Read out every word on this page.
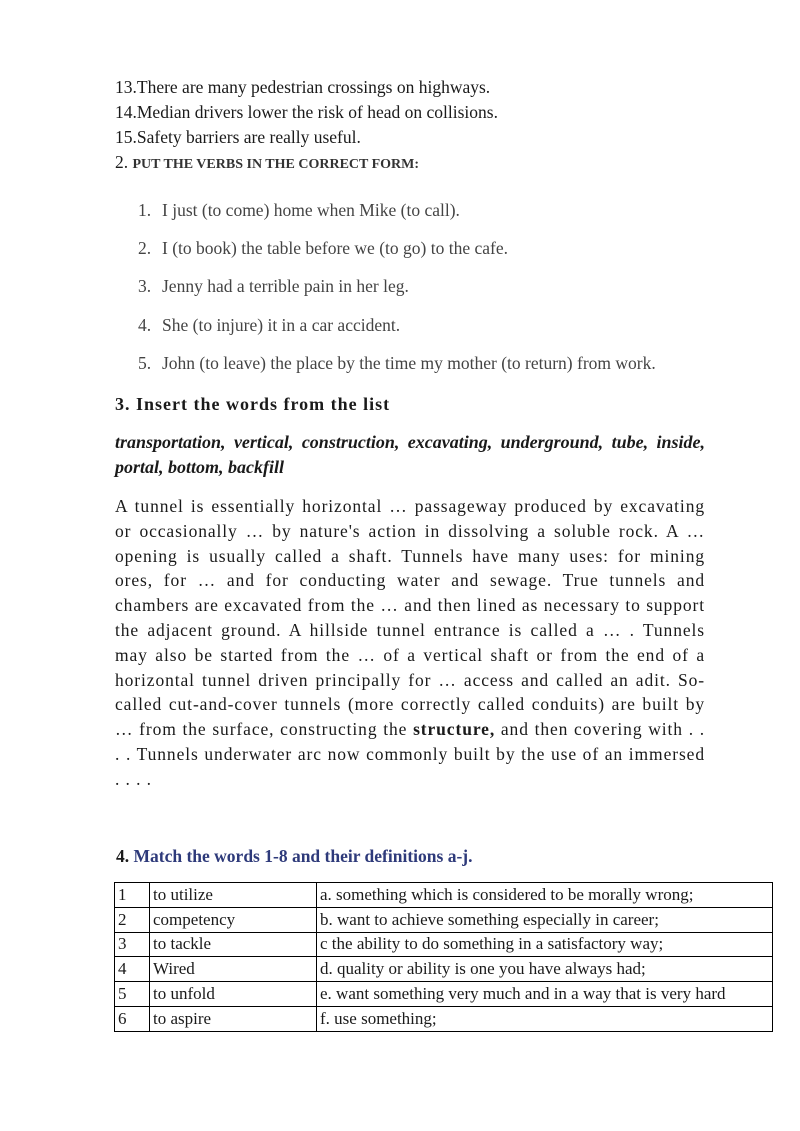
13.There are many pedestrian crossings on highways.
14.Median drivers lower the risk of head on collisions.
15.Safety barriers are really useful.
2. PUT THE VERBS IN THE CORRECT FORM:
1. I just (to come) home when Mike (to call).
2. I (to book) the table before we (to go) to the cafe.
3. Jenny had a terrible pain in her leg.
4. She (to injure) it in a car accident.
5. John (to leave) the place by the time my mother (to return) from work.
3. Insert the words from the list
transportation, vertical, construction, excavating, underground, tube, inside, portal, bottom, backfill
A tunnel is essentially horizontal … passageway produced by excavating or occasionally … by nature's action in dissolving a soluble rock. A … opening is usually called a shaft. Tunnels have many uses: for mining ores, for … and for conducting water and sewage. True tunnels and chambers are excavated from the … and then lined as necessary to support the adjacent ground. A hillside tunnel entrance is called a … . Tunnels may also be started from the … of a vertical shaft or from the end of a horizontal tunnel driven principally for … access and called an adit. So-called cut-and-cover tunnels (more correctly called conduits) are built by … from the surface, constructing the structure, and then covering with . . . . Tunnels underwater arc now commonly built by the use of an immersed . . . .
4. Match the words 1-8 and their definitions a-j.
1	to utilize	a. something which is considered to be morally wrong;
2	competency	b. want to achieve something especially in career;
3	to tackle	c the ability to do something in a satisfactory way;
4	Wired	d. quality or ability is one you have always had;
5	to unfold	e. want something very much and in a way that is very hard
6	to aspire	f. use something;
